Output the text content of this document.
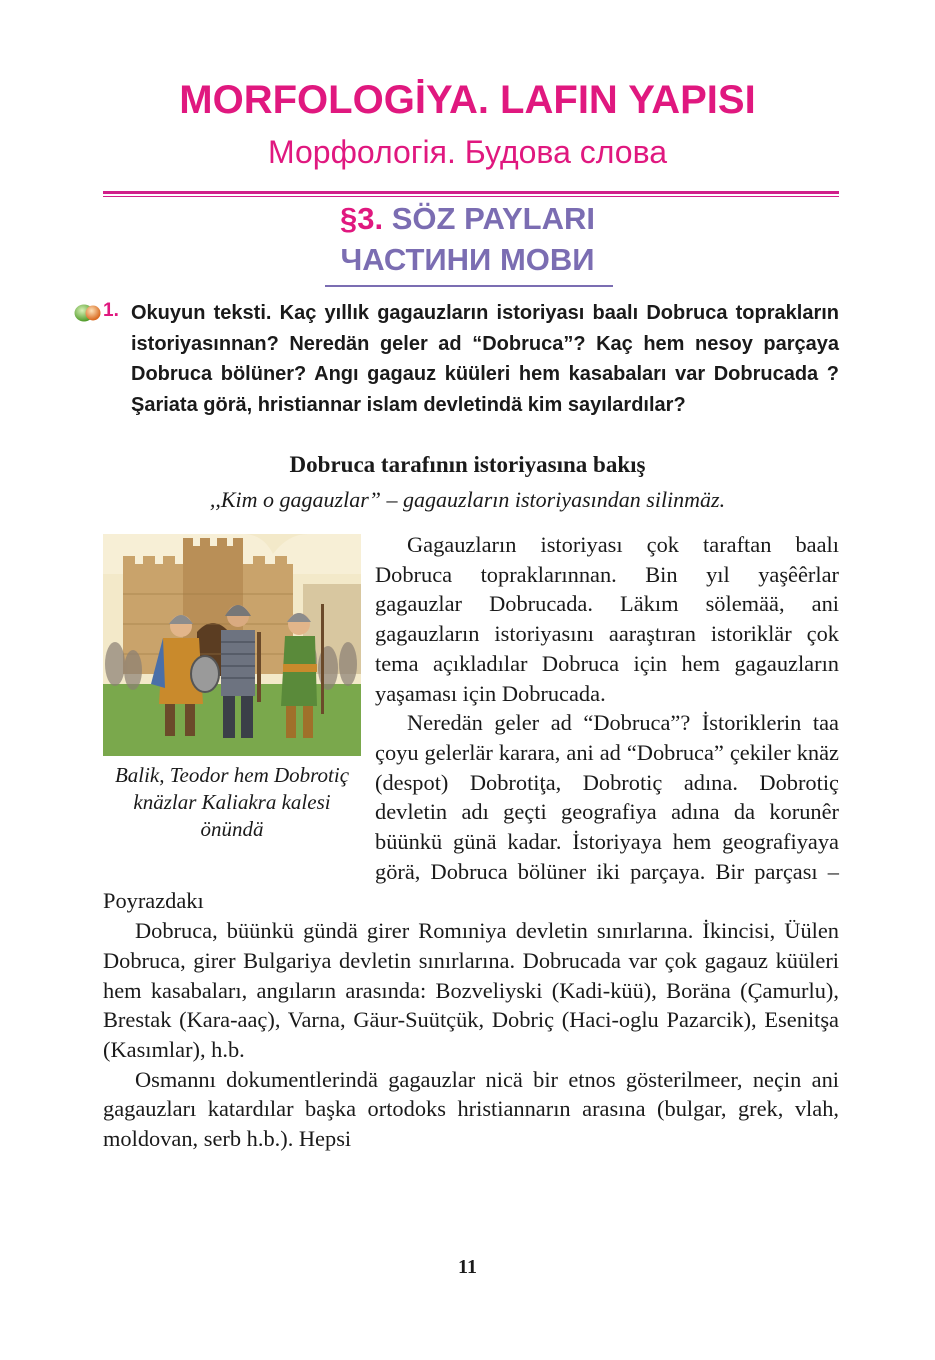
MORFOLOGİYA. LAFIN YAPISI
Морфологія. Будова слова
§3. SÖZ PAYLARI
ЧАСТИНИ МОВИ
1. Okuyun teksti. Kaç yıllık gagauzların istoriyası baalı Dobruca toprakların istoriyasınnan? Neredän geler ad “Dobruca”? Kaç hem nesoy parçaya Dobruca bölüner? Angı gagauz küüleri hem kasabaları var Dobrucada ? Şariata görä, hristiannar islam devletindä kim sayılardılar?
Dobruca tarafının istoriyasına bakış
,,Kim o gagauzlar” – gagauzların istoriyasından silinmäz.
Balik, Teodor hem Dobrotiç knäzlar Kaliakra kalesi önündä

Gagauzların istoriyası çok taraftan baalı Dobruca topraklarınnan. Bin yıl yaşêêrlar gagauzlar Dobrucada. Läkım sölemää, ani gagauzların istoriyasını aaraştıran istoriklär çok tema açıkladılar Dobruca için hem gagauzların yaşaması için Dobrucada.

Neredän geler ad “Dobruca”? İstoriklerin taa çoyu gelerlär karara, ani ad “Dobruca” çekiler knäz (despot) Dobrotiţa, Dobrotiç adına. Dobrotiç devletin adı geçti geografiya adına da korunêr büünkü günä kadar. İstoriyaya hem geografiyaya görä, Dobruca bölüner iki parçaya. Bir parçası – Poyrazdakı

Dobruca, büünkü gündä girer Romıniya devletin sınırlarına. İkincisi, Üülen Dobruca, girer Bulgariya devletin sınırlarına. Dobrucada var çok gagauz küüleri hem kasabaları, angıların arasında: Bozveliyski (Kadi-küü), Boräna (Çamurlu), Brestak (Kara-aaç), Varna, Gäur-Suütçük, Dobriç (Haci-oglu Pazarcik), Esenitşa (Kasımlar), h.b.

Osmannı dokumentlerindä gagauzlar nicä bir etnos gösterilmeer, neçin ani gagauzları katardılar başka ortodoks hristiannarın arasına (bulgar, grek, vlah, moldovan, serb h.b.). Hepsi

11
